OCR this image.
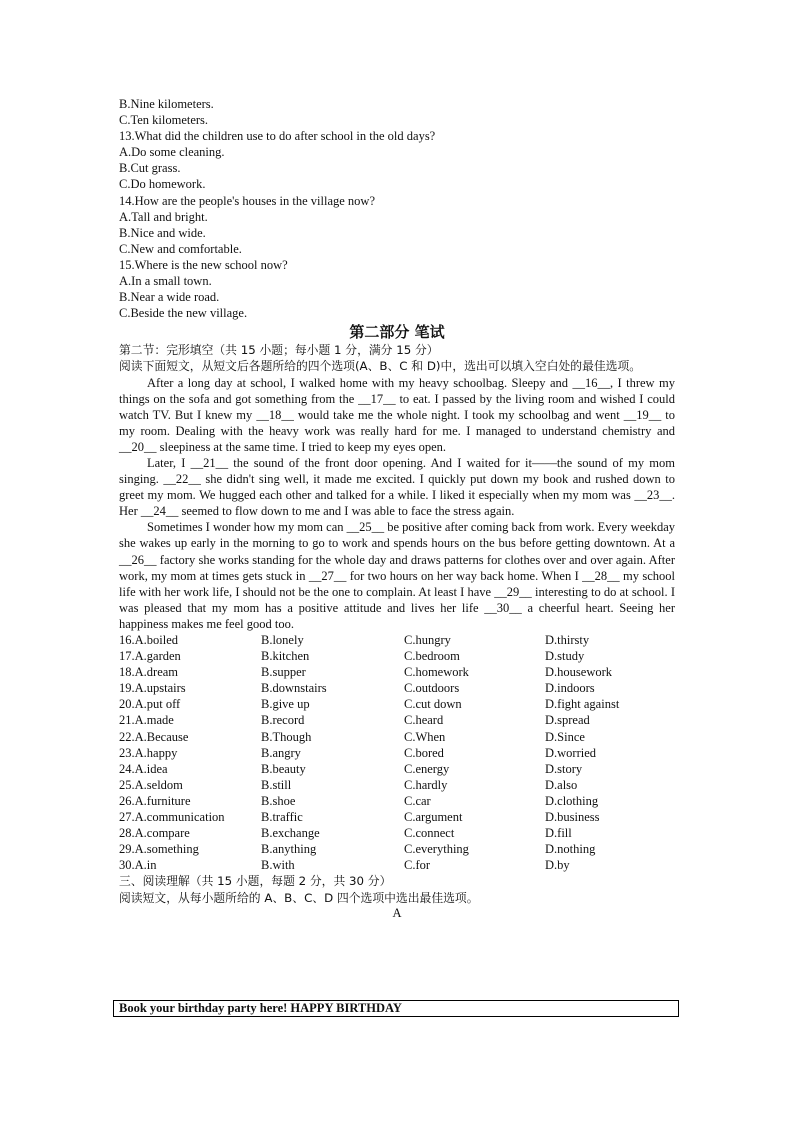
B.Nine kilometers.
C.Ten kilometers.
13.What did the children use to do after school in the old days?
A.Do some cleaning.
B.Cut grass.
C.Do homework.
14.How are the people's houses in the village now?
A.Tall and bright.
B.Nice and wide.
C.New and comfortable.
15.Where is the new school now?
A.In a small town.
B.Near a wide road.
C.Beside the new village.
第二部分 笔试
第二节：完形填空（共 15 小题；每小题 1 分，满分 15 分）
阅读下面短文，从短文后各题所给的四个选项(A、B、C 和 D)中，选出可以填入空白处的最佳选项。

After a long day at school, I walked home with my heavy schoolbag. Sleepy and __16__, I threw my things on the sofa and got something from the __17__ to eat. I passed by the living room and wished I could watch TV. But I knew my __18__ would take me the whole night. I took my schoolbag and went __19__ to my room. Dealing with the heavy work was really hard for me. I managed to understand chemistry and __20__ sleepiness at the same time. I tried to keep my eyes open.

Later, I __21__ the sound of the front door opening. And I waited for it——the sound of my mom singing. __22__ she didn't sing well, it made me excited. I quickly put down my book and rushed down to greet my mom. We hugged each other and talked for a while. I liked it especially when my mom was __23__. Her __24__ seemed to flow down to me and I was able to face the stress again.

Sometimes I wonder how my mom can __25__ be positive after coming back from work. Every weekday she wakes up early in the morning to go to work and spends hours on the bus before getting downtown. At a __26__ factory she works standing for the whole day and draws patterns for clothes over and over again. After work, my mom at times gets stuck in __27__ for two hours on her way back home. When I __28__ my school life with her work life, I should not be the one to complain. At least I have __29__ interesting to do at school. I was pleased that my mom has a positive attitude and lives her life __30__ a cheerful heart. Seeing her happiness makes me feel good too.

16.A.boiled	B.lonely	C.hungry	D.thirsty
17.A.garden	B.kitchen	C.bedroom	D.study
18.A.dream	B.supper	C.homework	D.housework
19.A.upstairs	B.downstairs	C.outdoors	D.indoors
20.A.put off	B.give up	C.cut down	D.fight against
21.A.made	B.record	C.heard	D.spread
22.A.Because	B.Though	C.When	D.Since
23.A.happy	B.angry	C.bored	D.worried
24.A.idea	B.beauty	C.energy	D.story
25.A.seldom	B.still	C.hardly	D.also
26.A.furniture	B.shoe	C.car	D.clothing
27.A.communication	B.traffic	C.argument	D.business
28.A.compare	B.exchange	C.connect	D.fill
29.A.something	B.anything	C.everything	D.nothing
30.A.in	B.with	C.for	D.by
三、阅读理解（共 15 小题，每题 2 分，共 30 分）
阅读短文，从每小题所给的 A、B、C、D 四个选项中选出最佳选项。
A
Book your birthday party here! HAPPY BIRTHDAY
